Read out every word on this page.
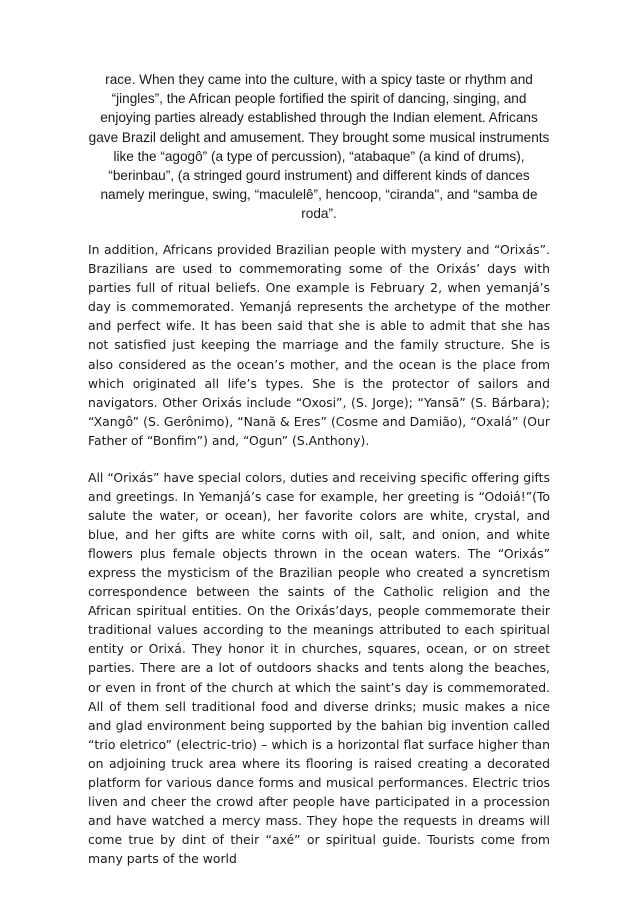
race. When they came into the culture, with a spicy taste or rhythm and “jingles”, the African people fortified the spirit of dancing, singing, and enjoying parties already established through the Indian element. Africans gave Brazil delight and amusement. They brought some musical instruments like the “agogô” (a type of percussion), “atabaque” (a kind of drums), “berinbau”, (a stringed gourd instrument) and different kinds of dances namely meringue, swing, “maculelê”, hencoop, “ciranda", and “samba de roda”.

In addition, Africans provided Brazilian people with mystery and “Orixás”. Brazilians are used to commemorating some of the Orixás’ days with parties full of ritual beliefs. One example is February 2, when yemanjá’s day is commemorated. Yemanjá represents the archetype of the mother and perfect wife. It has been said that she is able to admit that she has not satisfied just keeping the marriage and the family structure. She is also considered as the ocean’s mother, and the ocean is the place from which originated all life’s types. She is the protector of sailors and navigators. Other Orixás include “Oxosi”, (S. Jorge); “Yansã” (S. Bárbara); “Xangô” (S. Gerônimo), “Nanã & Eres” (Cosme and Damião), “Oxalá” (Our Father of “Bonfim”) and, “Ogun” (S.Anthony).

All “Orixás” have special colors, duties and receiving specific offering gifts and greetings. In Yemanjá’s case for example, her greeting is “Odoiá!”(To salute the water, or ocean), her favorite colors are white, crystal, and blue, and her gifts are white corns with oil, salt, and onion, and white flowers plus female objects thrown in the ocean waters. The “Orixás” express the mysticism of the Brazilian people who created a syncretism correspondence between the saints of the Catholic religion and the African spiritual entities. On the Orixás’days, people commemorate their traditional values according to the meanings attributed to each spiritual entity or Orixá. They honor it in churches, squares, ocean, or on street parties. There are a lot of outdoors shacks and tents along the beaches, or even in front of the church at which the saint’s day is commemorated. All of them sell traditional food and diverse drinks; music makes a nice and glad environment being supported by the bahian big invention called “trio eletrico” (electric-trio) – which is a horizontal flat surface higher than on adjoining truck area where its flooring is raised creating a decorated platform for various dance forms and musical performances. Electric trios liven and cheer the crowd after people have participated in a procession and have watched a mercy mass. They hope the requests in dreams will come true by dint of their “axé” or spiritual guide. Tourists come from many parts of the world
